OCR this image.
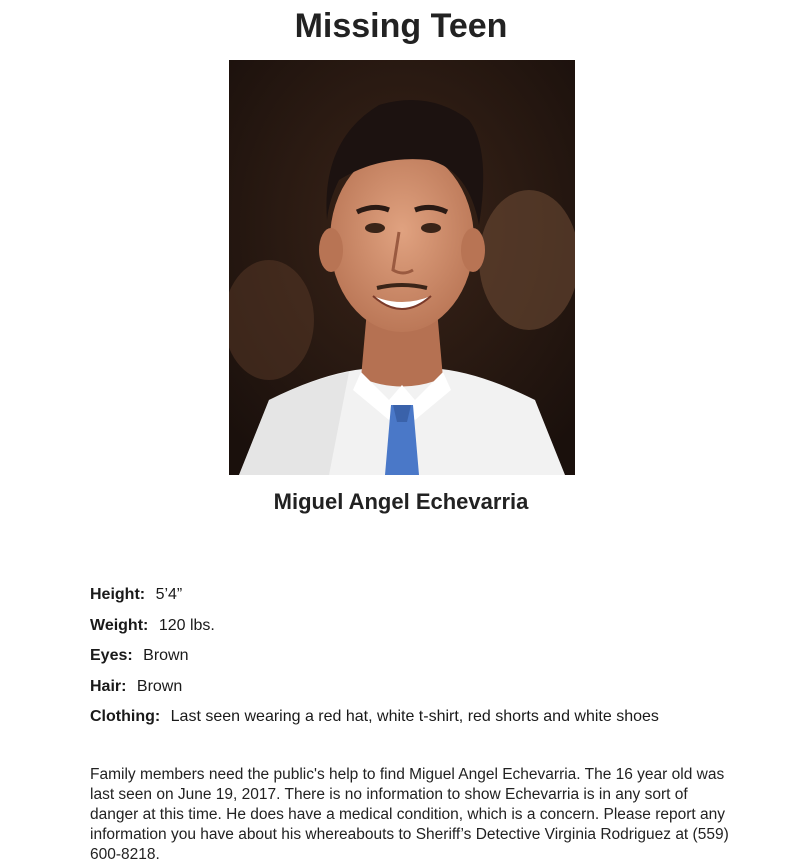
Missing Teen
Miguel Angel Echevarria
Height: 5’4”
Weight: 120 lbs.
Eyes: Brown
Hair: Brown
Clothing: Last seen wearing a red hat, white t-shirt, red shorts and white shoes

Family members need the public's help to find Miguel Angel Echevarria. The 16 year old was last seen on June 19, 2017. There is no information to show Echevarria is in any sort of danger at this time. He does have a medical condition, which is a concern. Please report any information you have about his whereabouts to Sheriff’s Detective Virginia Rodriguez at (559) 600-8218.
